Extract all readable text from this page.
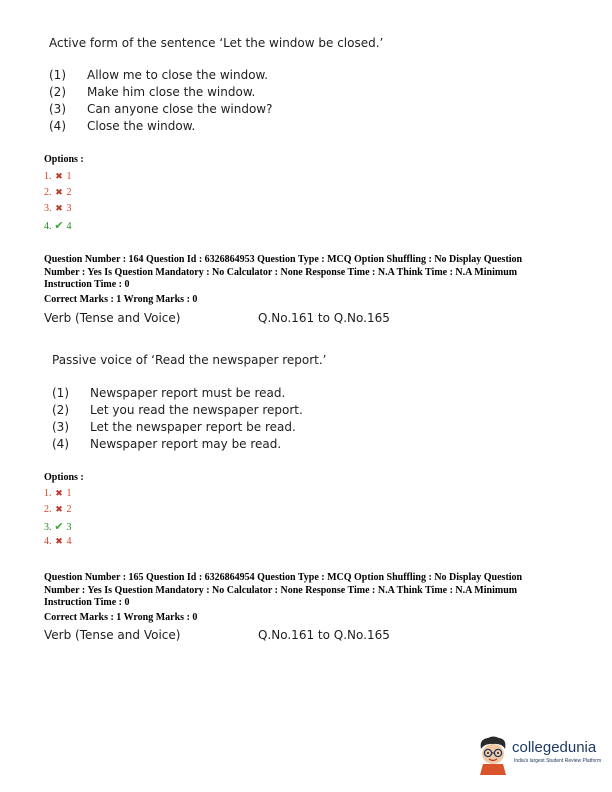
Active form of the sentence ‘Let the window be closed.’
(1) Allow me to close the window.
(2) Make him close the window.
(3) Can anyone close the window?
(4) Close the window.
Options :
1. ✖ 1
2. ✖ 2
3. ✖ 3
4. ✔ 4
Question Number : 164 Question Id : 6326864953 Question Type : MCQ Option Shuffling : No Display Question
Number : Yes Is Question Mandatory : No Calculator : None Response Time : N.A Think Time : N.A Minimum
Instruction Time : 0
Correct Marks : 1 Wrong Marks : 0
Verb (Tense and Voice)	Q.No.161 to Q.No.165
Passive voice of ‘Read the newspaper report.’
(1) Newspaper report must be read.
(2) Let you read the newspaper report.
(3) Let the newspaper report be read.
(4) Newspaper report may be read.
Options :
1. ✖ 1
2. ✖ 2
3. ✔ 3
4. ✖ 4
Question Number : 165 Question Id : 6326864954 Question Type : MCQ Option Shuffling : No Display Question
Number : Yes Is Question Mandatory : No Calculator : None Response Time : N.A Think Time : N.A Minimum
Instruction Time : 0
Correct Marks : 1 Wrong Marks : 0
Verb (Tense and Voice)	Q.No.161 to Q.No.165
collegedunia
India's largest Student Review Platform
